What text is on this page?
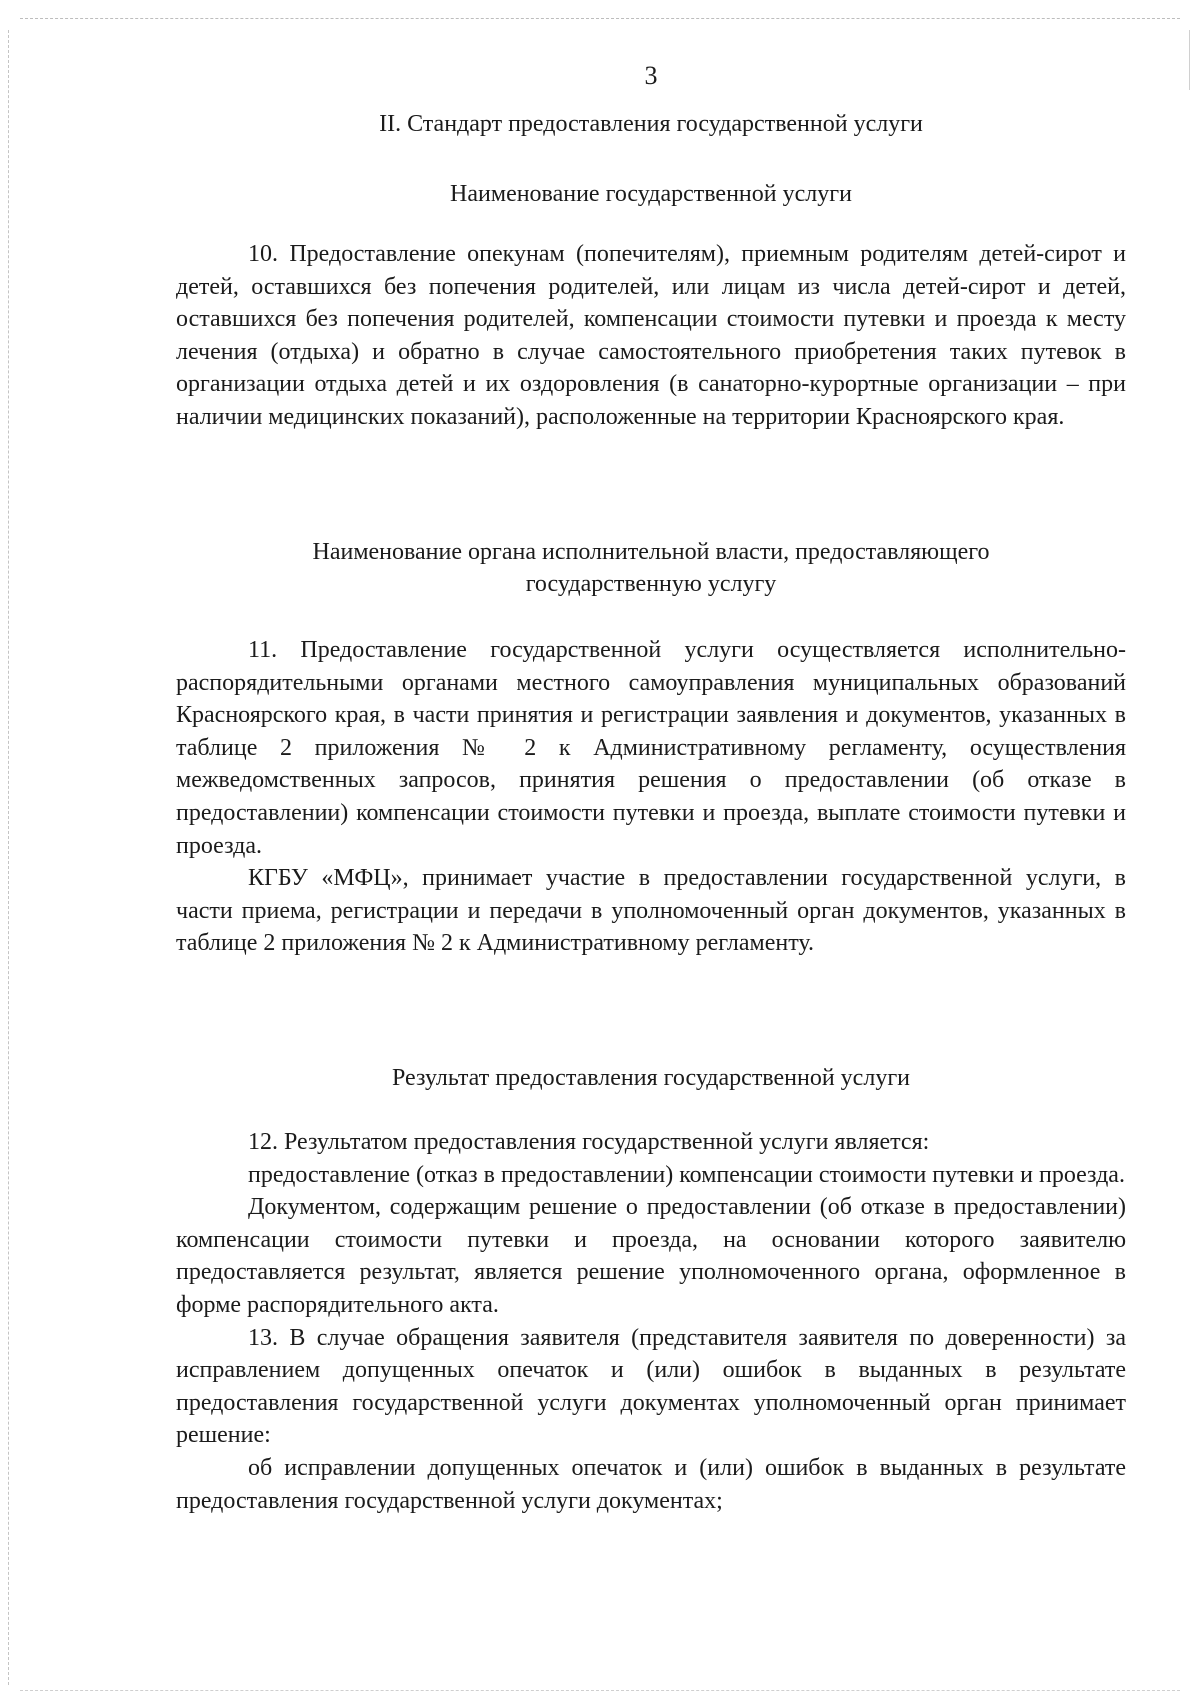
3
II. Стандарт предоставления государственной услуги
Наименование государственной услуги

10. Предоставление опекунам (попечителям), приемным родителям детей-сирот и детей, оставшихся без попечения родителей, или лицам из числа детей-сирот и детей, оставшихся без попечения родителей, компенсации стоимости путевки и проезда к месту лечения (отдыха) и обратно в случае самостоятельного приобретения таких путевок в организации отдыха детей и их оздоровления (в санаторно-курортные организации – при наличии медицинских показаний), расположенные на территории Красноярского края.

Наименование органа исполнительной власти, предоставляющего
государственную услугу

11. Предоставление государственной услуги осуществляется исполнительно-распорядительными органами местного самоуправления муниципальных образований Красноярского края, в части принятия и регистрации заявления и документов, указанных в таблице 2 приложения № 2 к Административному регламенту, осуществления межведомственных запросов, принятия решения о предоставлении (об отказе в предоставлении) компенсации стоимости путевки и проезда, выплате стоимости путевки и проезда.

КГБУ «МФЦ», принимает участие в предоставлении государственной услуги, в части приема, регистрации и передачи в уполномоченный орган документов, указанных в таблице 2 приложения № 2 к Административному регламенту.

Результат предоставления государственной услуги

12. Результатом предоставления государственной услуги является:

предоставление (отказ в предоставлении) компенсации стоимости путевки и проезда.

Документом, содержащим решение о предоставлении (об отказе в предоставлении) компенсации стоимости путевки и проезда, на основании которого заявителю предоставляется результат, является решение уполномоченного органа, оформленное в форме распорядительного акта.

13. В случае обращения заявителя (представителя заявителя по доверенности) за исправлением допущенных опечаток и (или) ошибок в выданных в результате предоставления государственной услуги документах уполномоченный орган принимает решение:

об исправлении допущенных опечаток и (или) ошибок в выданных в результате предоставления государственной услуги документах;
